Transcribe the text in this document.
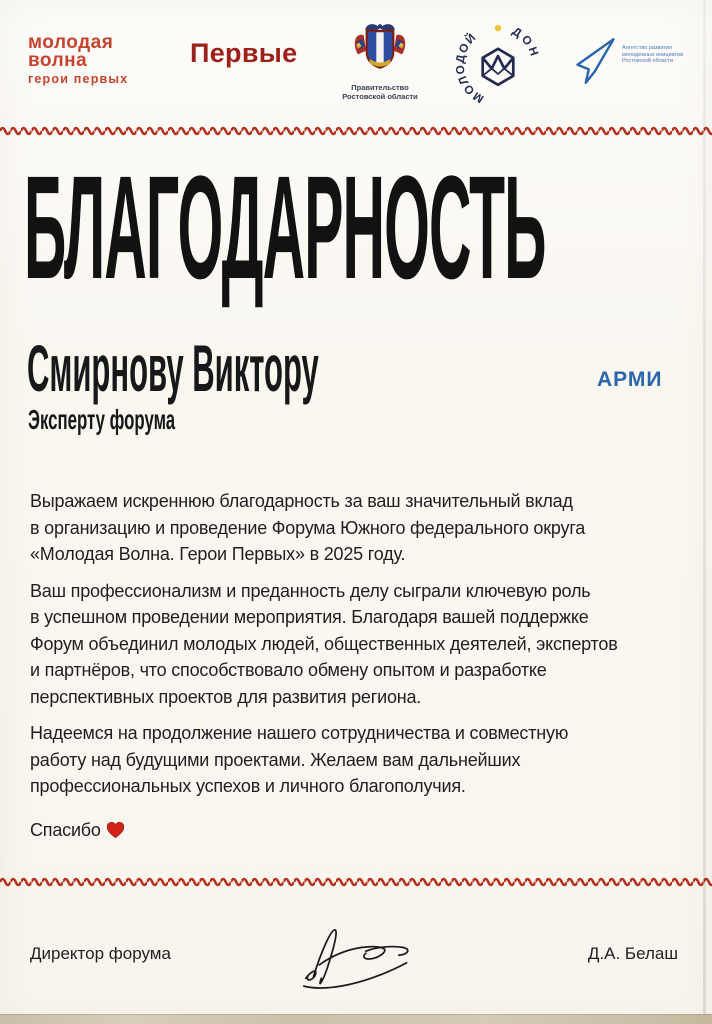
молодая
волна
герои первых
Первые
Правительство
Ростовской области	МОЛОДОЙ	ДОН
АРМИ
Агентство развития
молодёжных инициатив
Ростовской области
БЛАГОДАРНОСТЬ
Смирнову Виктору
Эксперту форума

Выражаем искреннюю благодарность за ваш значительный вклад
в организацию и проведение Форума Южного федерального округа
«Молодая Волна. Герои Первых» в 2025 году.

Ваш профессионализм и преданность делу сыграли ключевую роль
в успешном проведении мероприятия. Благодаря вашей поддержке
Форум объединил молодых людей, общественных деятелей, экспертов
и партнёров, что способствовало обмену опытом и разработке
перспективных проектов для развития региона.

Надеемся на продолжение нашего сотрудничества и совместную
работу над будущими проектами. Желаем вам дальнейших
профессиональных успехов и личного благополучия.

Спасибо
Директор форума	Д.А. Белаш
